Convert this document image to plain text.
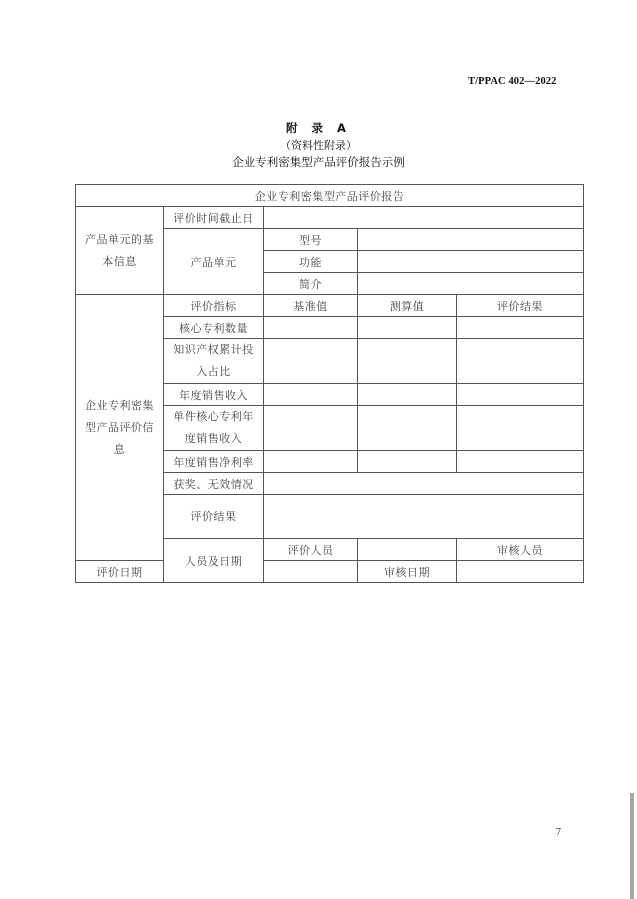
T/PPAC 402—2022
附 录 A
（资料性附录）
企业专利密集型产品评价报告示例
企业专利密集型产品评价报告					
产品单元的基本信息	评价时间截止日				
	产品单元	型号			
		功能			
		简介			
企业专利密集型产品评价信息	评价指标	基准值	测算值	评价结果	
	核心专利数量				
	知识产权累计投入占比				
	年度销售收入				
	单件核心专利年度销售收入				
	年度销售净利率				
	获奖、无效情况				
	评价结果				
	人员及日期	评价人员		审核人员	
评价日期			审核日期		
7
